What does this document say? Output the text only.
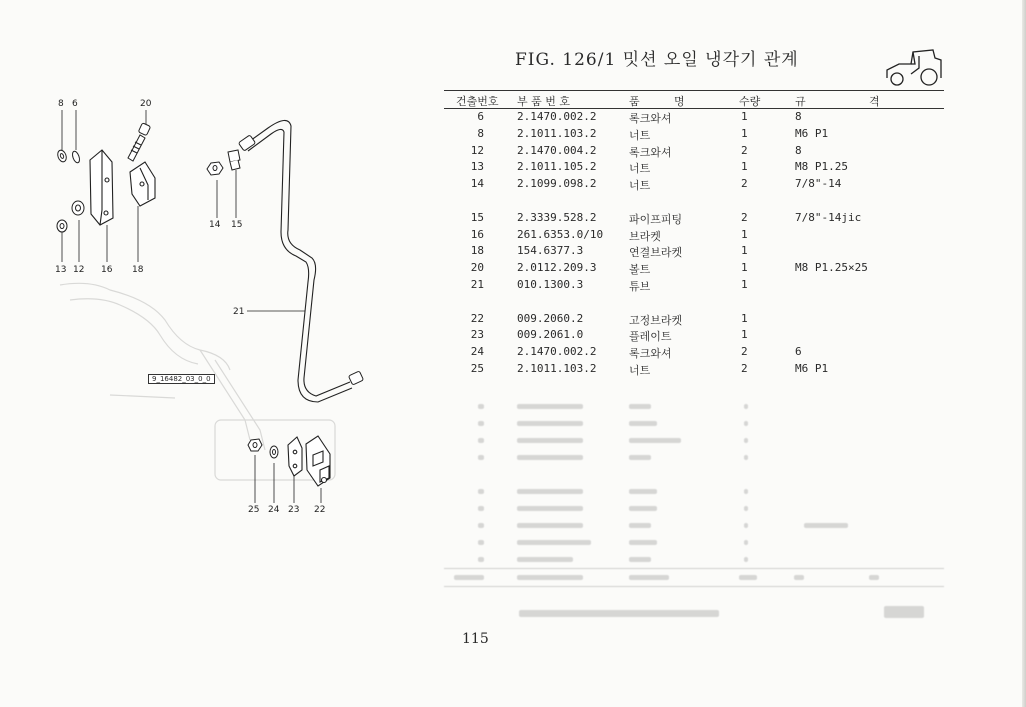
8 6	20
14 15
13 12 16 18
21
25 24 23 22
9_16482_03_0_0
FIG. 126/1 밋션 오일 냉각기 관계
건출번호 부 품 번 호	품	명	수량	규	격
6	2.1470.002.2	록크와셔	1	8
8	2.1011.103.2	너트	1	M6 P1
12	2.1470.004.2	록크와셔	2	8
13	2.1011.105.2	너트	1	M8 P1.25
14	2.1099.098.2	너트	2	7/8"-14
15	2.3339.528.2	파이프피팅	2	7/8"-14jic
16	261.6353.0/10 브라켓	1
18	154.6377.3	연결브라켓	1
20	2.0112.209.3	볼트	1	M8 P1.25×25
21	010.1300.3	튜브	1
22	009.2060.2	고정브라켓	1
23	009.2061.0	플레이트	1
24	2.1470.002.2	록크와셔	2	6
25	2.1011.103.2	너트	2	M6 P1
115
